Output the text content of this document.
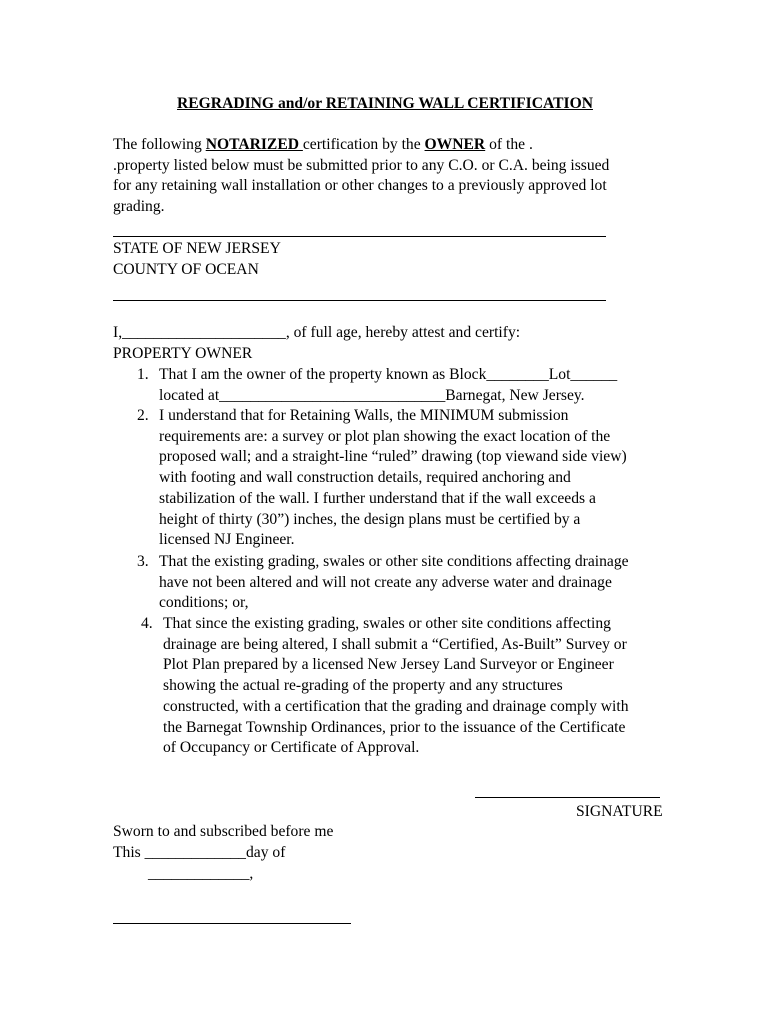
REGRADING and/or RETAINING WALL CERTIFICATION

The following NOTARIZED certification by the OWNER of the .
.property listed below must be submitted prior to any C.O. or C.A. being issued
for any retaining wall installation or other changes to a previously approved lot
grading.

STATE OF NEW JERSEY
COUNTY OF OCEAN
I,_____________________, of full age, hereby attest and certify:
PROPERTY OWNER
1. That I am the owner of the property known as Block________Lot______
located at_____________________________Barnegat, New Jersey.
2. I understand that for Retaining Walls, the MINIMUM submission
requirements are: a survey or plot plan showing the exact location of the
proposed wall; and a straight-line “ruled” drawing (top viewand side view)
with footing and wall construction details, required anchoring and
stabilization of the wall. I further understand that if the wall exceeds a
height of thirty (30”) inches, the design plans must be certified by a
licensed NJ Engineer.
3. That the existing grading, swales or other site conditions affecting drainage
have not been altered and will not create any adverse water and drainage
conditions; or,
4. That since the existing grading, swales or other site conditions affecting
drainage are being altered, I shall submit a “Certified, As-Built” Survey or
Plot Plan prepared by a licensed New Jersey Land Surveyor or Engineer
showing the actual re-grading of the property and any structures
constructed, with a certification that the grading and drainage comply with
the Barnegat Township Ordinances, prior to the issuance of the Certificate
of Occupancy or Certificate of Approval.
SIGNATURE
Sworn to and subscribed before me
This _____________day of
_____________,
